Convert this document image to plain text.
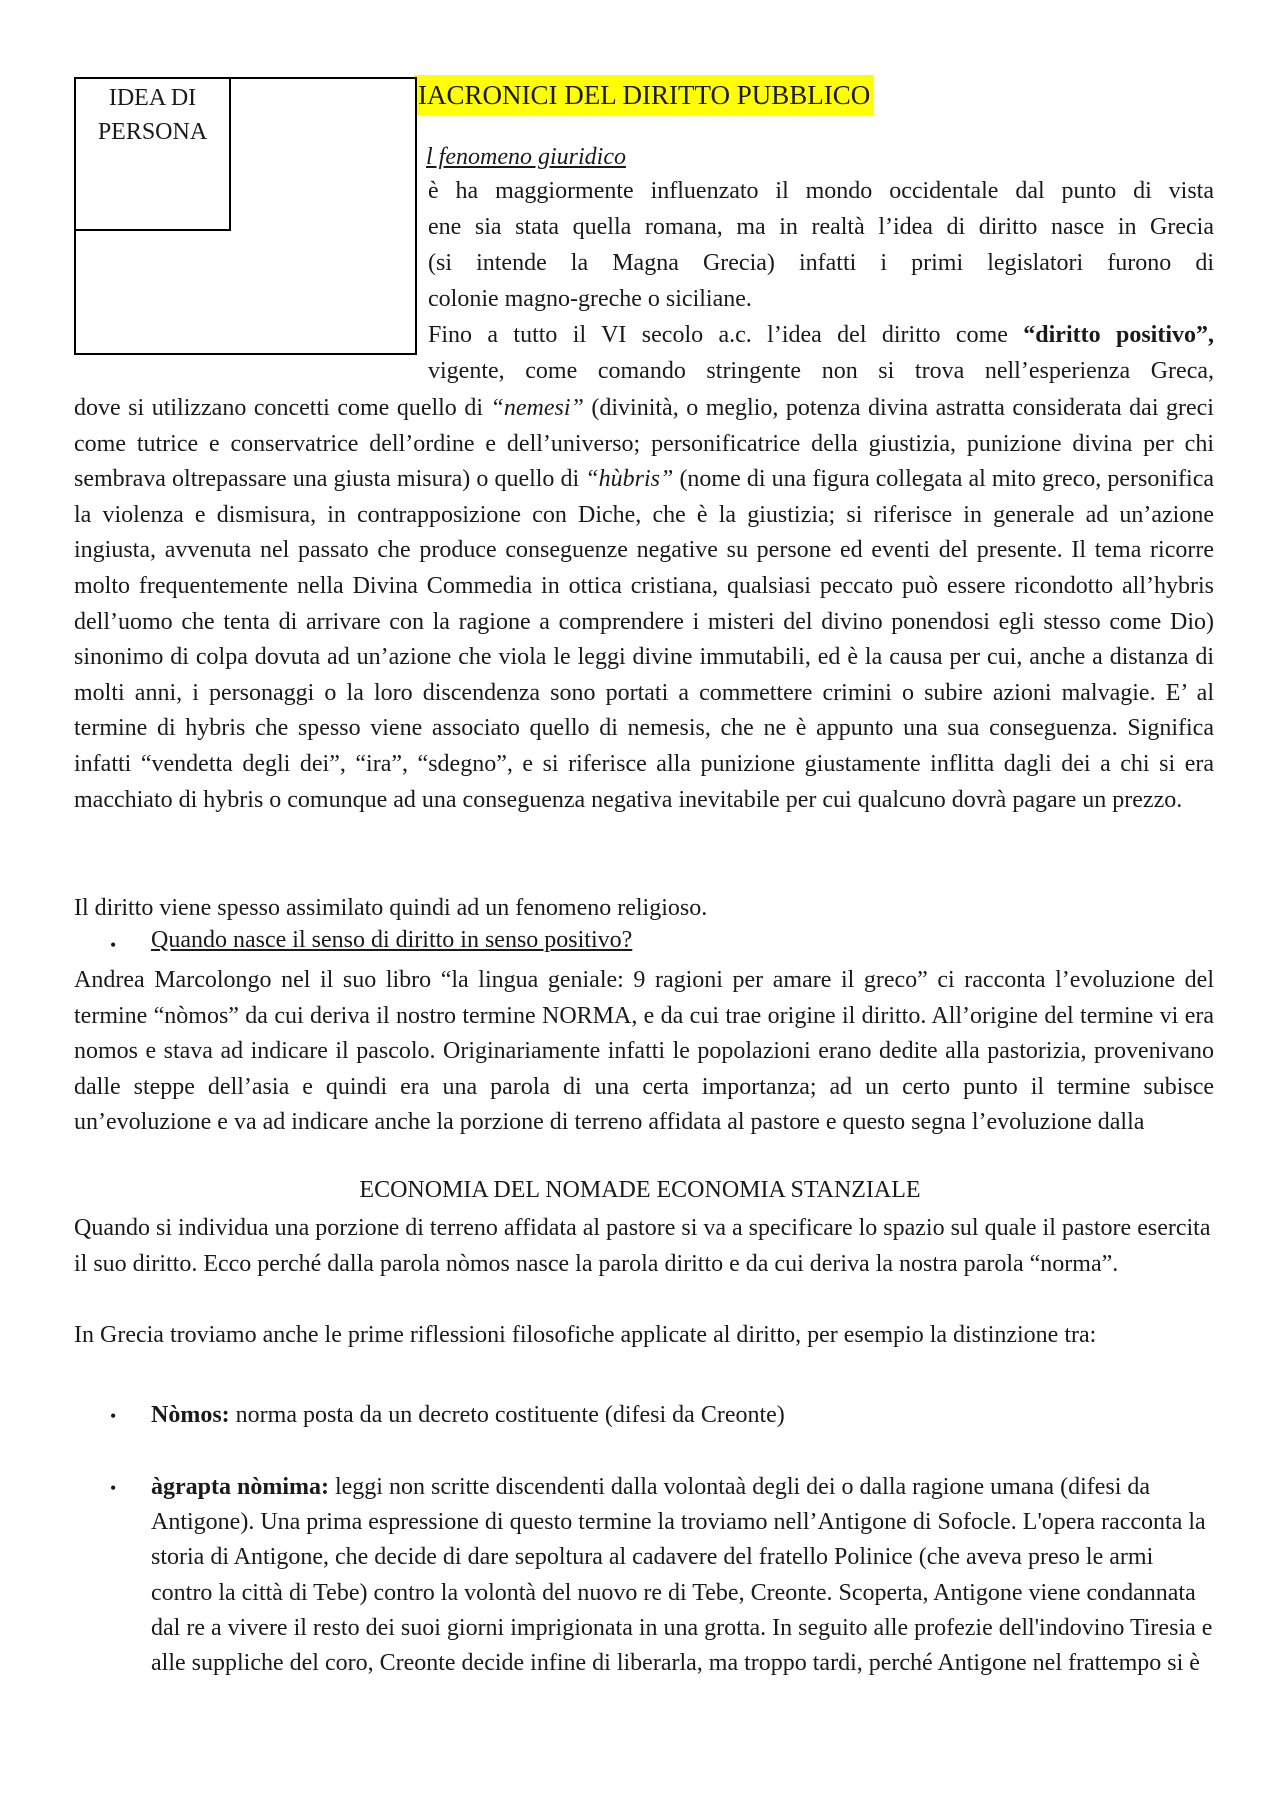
IACRONICI DEL DIRITTO PUBBLICO
IDEA DI PERSONA
l fenomeno giuridico
è ha maggiormente influenzato il mondo occidentale dal punto di vista
ene sia stata quella romana, ma in realtà l’idea di diritto nasce in Grecia
(si intende la Magna Grecia) infatti i primi legislatori furono di
colonie magno-greche o siciliane.
Fino a tutto il VI secolo a.c. l’idea del diritto come “diritto positivo”,
vigente, come comando stringente non si trova nell’esperienza Greca,
dove si utilizzano concetti come quello di “nemesi” (divinità, o meglio, potenza divina astratta considerata dai greci come tutrice e conservatrice dell’ordine e dell’universo; personificatrice della giustizia, punizione divina per chi sembrava oltrepassare una giusta misura) o quello di “hùbris” (nome di una figura collegata al mito greco, personifica la violenza e dismisura, in contrapposizione con Diche, che è la giustizia; si riferisce in generale ad un’azione ingiusta, avvenuta nel passato che produce conseguenze negative su persone ed eventi del presente. Il tema ricorre molto frequentemente nella Divina Commedia in ottica cristiana, qualsiasi peccato può essere ricondotto all’hybris dell’uomo che tenta di arrivare con la ragione a comprendere i misteri del divino ponendosi egli stesso come Dio) sinonimo di colpa dovuta ad un’azione che viola le leggi divine immutabili, ed è la causa per cui, anche a distanza di molti anni, i personaggi o la loro discendenza sono portati a commettere crimini o subire azioni malvagie. E’ al termine di hybris che spesso viene associato quello di nemesis, che ne è appunto una sua conseguenza. Significa infatti “vendetta degli dei”, “ira”, “sdegno”, e si riferisce alla punizione giustamente inflitta dagli dei a chi si era macchiato di hybris o comunque ad una conseguenza negativa inevitabile per cui qualcuno dovrà pagare un prezzo.
Il diritto viene spesso assimilato quindi ad un fenomeno religioso.
• Quando nasce il senso di diritto in senso positivo?
Andrea Marcolongo nel il suo libro “la lingua geniale: 9 ragioni per amare il greco” ci racconta l’evoluzione del termine “nòmos” da cui deriva il nostro termine NORMA, e da cui trae origine il diritto. All’origine del termine vi era nomos e stava ad indicare il pascolo. Originariamente infatti le popolazioni erano dedite alla pastorizia, provenivano dalle steppe dell’asia e quindi era una parola di una certa importanza; ad un certo punto il termine subisce un’evoluzione e va ad indicare anche la porzione di terreno affidata al pastore e questo segna l’evoluzione dalla
ECONOMIA DEL NOMADE ECONOMIA STANZIALE
Quando si individua una porzione di terreno affidata al pastore si va a specificare lo spazio sul quale il pastore esercita il suo diritto. Ecco perché dalla parola nòmos nasce la parola diritto e da cui deriva la nostra parola “norma”.
In Grecia troviamo anche le prime riflessioni filosofiche applicate al diritto, per esempio la distinzione tra:
• Nòmos: norma posta da un decreto costituente (difesi da Creonte)
• àgrapta nòmima: leggi non scritte discendenti dalla volontaà degli dei o dalla ragione umana (difesi da Antigone). Una prima espressione di questo termine la troviamo nell’Antigone di Sofocle. L'opera racconta la storia di Antigone, che decide di dare sepoltura al cadavere del fratello Polinice (che aveva preso le armi contro la città di Tebe) contro la volontà del nuovo re di Tebe, Creonte. Scoperta, Antigone viene condannata dal re a vivere il resto dei suoi giorni imprigionata in una grotta. In seguito alle profezie dell'indovino Tiresia e alle suppliche del coro, Creonte decide infine di liberarla, ma troppo tardi, perché Antigone nel frattempo si è
